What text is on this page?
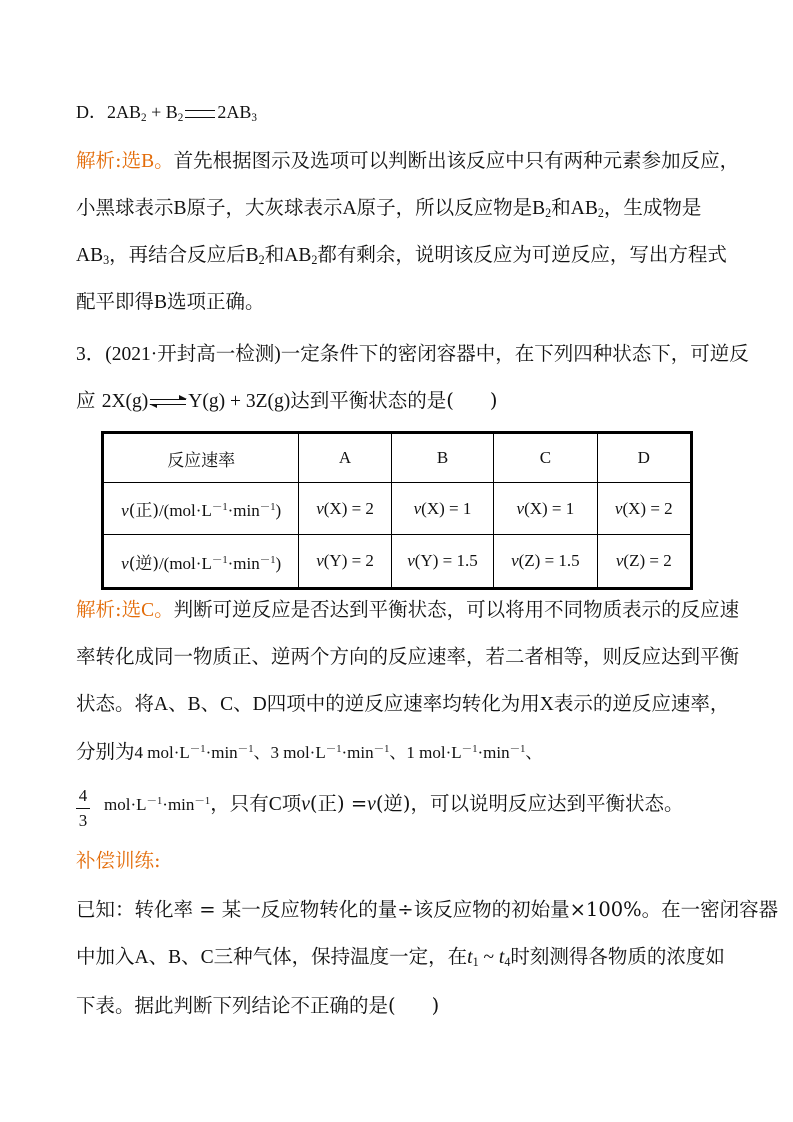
D．$2AB_2 + B_2$ $2AB_3$
解析:选B。首先根据图示及选项可以判断出该反应中只有两种元素参加反应，
小黑球表示B原子，大灰球表示A原子，所以反应物是$B_2$和$AB_2$，生成物是
$AB_3$，再结合反应后$B_2$和$AB_2$都有剩余，说明该反应为可逆反应，写出方程式
配平即得B选项正确。
3．(2021·开封高一检测)一定条件下的密闭容器中，在下列四种状态下，可逆反
应 2X(g) ⇌ Y(g) + 3Z(g)达到平衡状态的是( )
反应速率	A	B	C	D
v(正)$/(mol\cdot L^{-1}\cdot\min^{-1})$	v(X) = 2	v(X) = 1	v(X) = 1	v(X) = 2
v(逆)$/(mol\cdot L^{-1}\cdot\min^{-1})$	v(Y) = 2	v(Y) = 1.5	v(Z) = 1.5	v(Z) = 2
解析:选C。判断可逆反应是否达到平衡状态，可以将用不同物质表示的反应速
率转化成同一物质正、逆两个方向的反应速率，若二者相等，则反应达到平衡
状态。将A、B、C、D四项中的逆反应速率均转化为用X表示的逆反应速率，
分别为4 $mol\cdot L^{-1}\cdot\min^{-1}$、3 $mol\cdot L^{-1}\cdot\min^{-1}$、1 $mol\cdot L^{-1}\cdot\min^{-1}$、
4
3
$mol\cdot L^{-1}\cdot\min^{-1}$，只有C项v(正) =v(逆)，可以说明反应达到平衡状态。
补偿训练:
已知：转化率 = 某一反应物转化的量÷该反应物的初始量×100%。在一密闭容器
中加入A、B、C三种气体，保持温度一定，在$t_1$ ~ $t_4$时刻测得各物质的浓度如
下表。据此判断下列结论不正确的是( )
